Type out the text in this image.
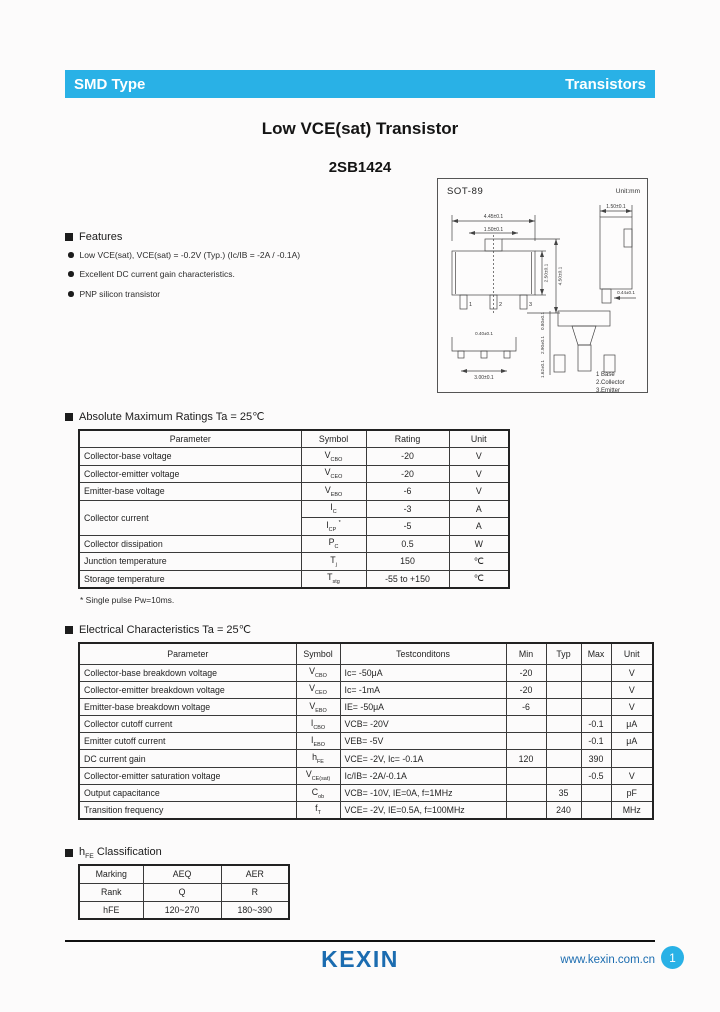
SMD Type	Transistors
Low VCE(sat) Transistor
2SB1424
SOT-89	Unit:mm
4.45±0.1
1.50±0.1
2.50±0.1 4.50±0.1
1	2	3
0.40±0.1
3.00±0.1
1.50±0.1
0.44±0.1
0.80±0.1
2.90±0.1
1.62±0.1	1 Base
2.Collector
3.Emitter
Features
Low VCE(sat), VCE(sat) = -0.2V (Typ.) (Ic/IB = -2A / -0.1A)
Excellent DC current gain characteristics.
PNP silicon transistor
Absolute Maximum Ratings Ta = 25℃
Parameter	Symbol	Rating	Unit
Collector-base voltage	$V_{CBO}$	-20	V
Collector-emitter voltage	$V_{CEO}$	-20	V
Emitter-base voltage	$V_{EBO}$	-6	V
Collector current	$I_C$	-3	A
	$I_{CP}$ *	-5	A
Collector dissipation	$P_C$	0.5	W
Junction temperature	$T_j$	150	℃
Storage temperature	$T_{stg}$	-55 to +150	℃
* Single pulse Pw=10ms.
Electrical Characteristics Ta = 25℃
Parameter	Symbol	Testconditons	Min	Typ	Max	Unit
Collector-base breakdown voltage	$V_{CBO}$	Ic= -50μA	-20			V
Collector-emitter breakdown voltage	$V_{CEO}$	Ic= -1mA	-20			V
Emitter-base breakdown voltage	$V_{EBO}$	IE= -50μA	-6			V
Collector cutoff current	$I_{CBO}$	VCB= -20V			-0.1	μA
Emitter cutoff current	$I_{EBO}$	VEB= -5V			-0.1	μA
DC current gain	$h_{FE}$	VCE= -2V, Ic= -0.1A	120		390	
Collector-emitter saturation voltage	$V_{CE(sat)}$	Ic/IB= -2A/-0.1A			-0.5	V
Output capacitance	$C_{ob}$	VCB= -10V, IE=0A, f=1MHz		35		pF
Transition frequency	$f_T$	VCE= -2V, IE=0.5A, f=100MHz		240		MHz
$h_{FE}$ Classification
Marking	AEQ	AER
Rank	Q	R
hFE	120~270	180~390
KEXIN	www.kexin.com.cn	1
